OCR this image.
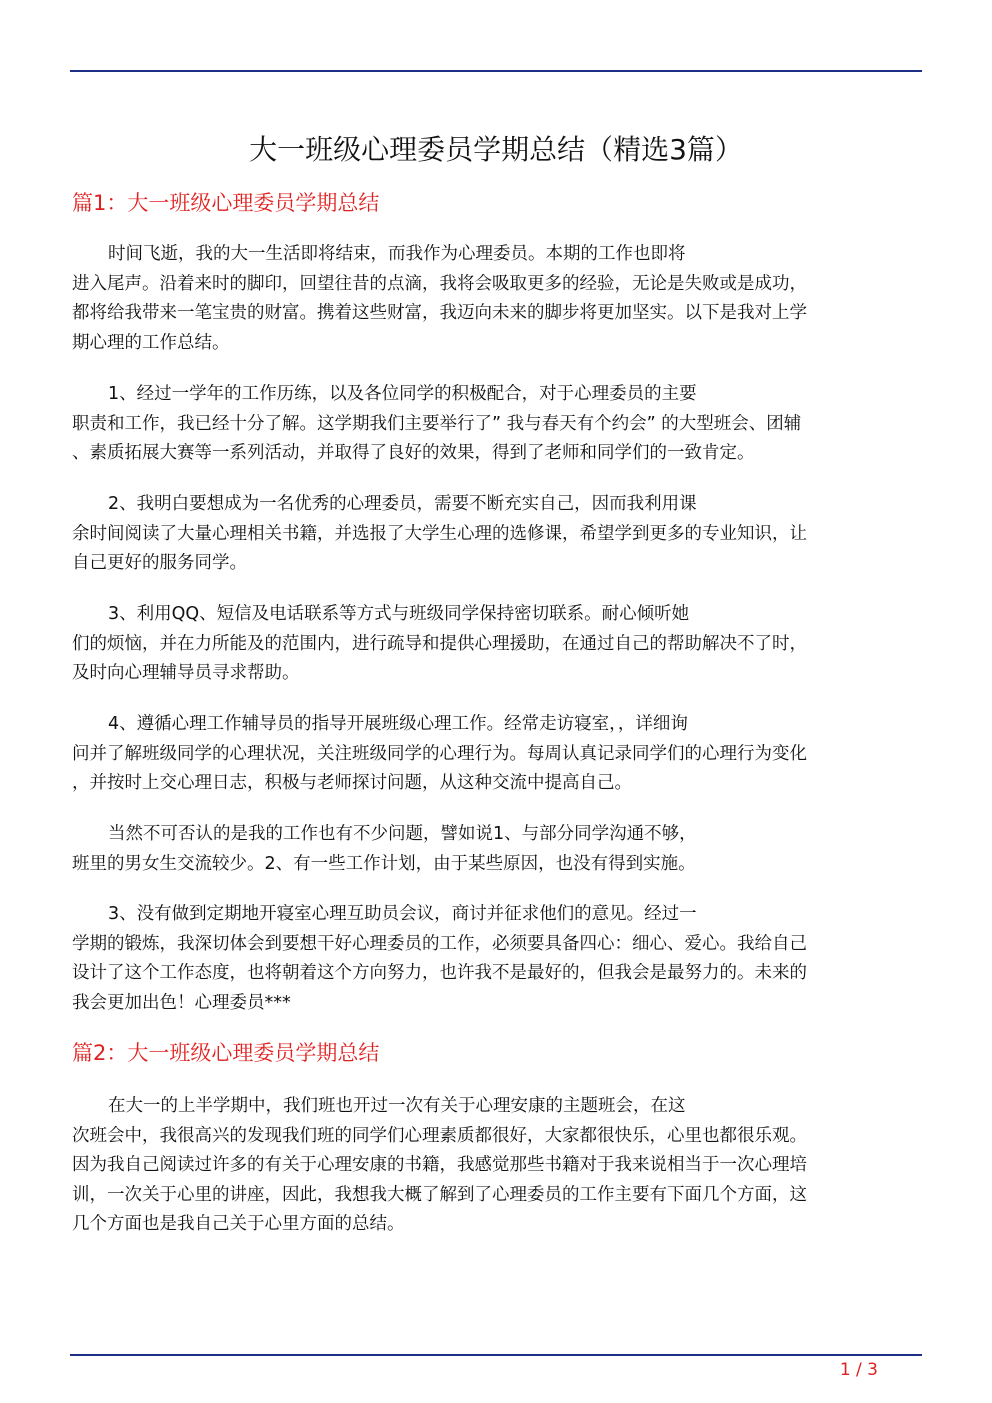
大一班级心理委员学期总结（精选3篇）
篇1：大一班级心理委员学期总结
时间飞逝，我的大一生活即将结束，而我作为心理委员。本期的工作也即将
进入尾声。沿着来时的脚印，回望往昔的点滴，我将会吸取更多的经验，无论是失败或是成功，
都将给我带来一笔宝贵的财富。携着这些财富，我迈向未来的脚步将更加坚实。以下是我对上学
期心理的工作总结。
1、经过一学年的工作历练，以及各位同学的积极配合，对于心理委员的主要
职责和工作，我已经十分了解。这学期我们主要举行了” 我与春天有个约会” 的大型班会、团辅
、素质拓展大赛等一系列活动，并取得了良好的效果，得到了老师和同学们的一致肯定。
2、我明白要想成为一名优秀的心理委员，需要不断充实自己，因而我利用课
余时间阅读了大量心理相关书籍，并选报了大学生心理的选修课，希望学到更多的专业知识，让
自己更好的服务同学。
3、利用QQ、短信及电话联系等方式与班级同学保持密切联系。耐心倾听她
们的烦恼，并在力所能及的范围内，进行疏导和提供心理援助，在通过自己的帮助解决不了时，
及时向心理辅导员寻求帮助。
4、遵循心理工作辅导员的指导开展班级心理工作。经常走访寝室，，详细询
问并了解班级同学的心理状况，关注班级同学的心理行为。每周认真记录同学们的心理行为变化
，并按时上交心理日志，积极与老师探讨问题，从这种交流中提高自己。
当然不可否认的是我的工作也有不少问题，譬如说1、与部分同学沟通不够，
班里的男女生交流较少。2、有一些工作计划，由于某些原因，也没有得到实施。
3、没有做到定期地开寝室心理互助员会议，商讨并征求他们的意见。经过一
学期的锻炼，我深切体会到要想干好心理委员的工作，必须要具备四心：细心、爱心。我给自己
设计了这个工作态度，也将朝着这个方向努力，也许我不是最好的，但我会是最努力的。未来的
我会更加出色！心理委员***
篇2：大一班级心理委员学期总结
在大一的上半学期中，我们班也开过一次有关于心理安康的主题班会，在这
次班会中，我很高兴的发现我们班的同学们心理素质都很好，大家都很快乐，心里也都很乐观。
因为我自己阅读过许多的有关于心理安康的书籍，我感觉那些书籍对于我来说相当于一次心理培
训，一次关于心里的讲座，因此，我想我大概了解到了心理委员的工作主要有下面几个方面，这
几个方面也是我自己关于心里方面的总结。
1 / 3
